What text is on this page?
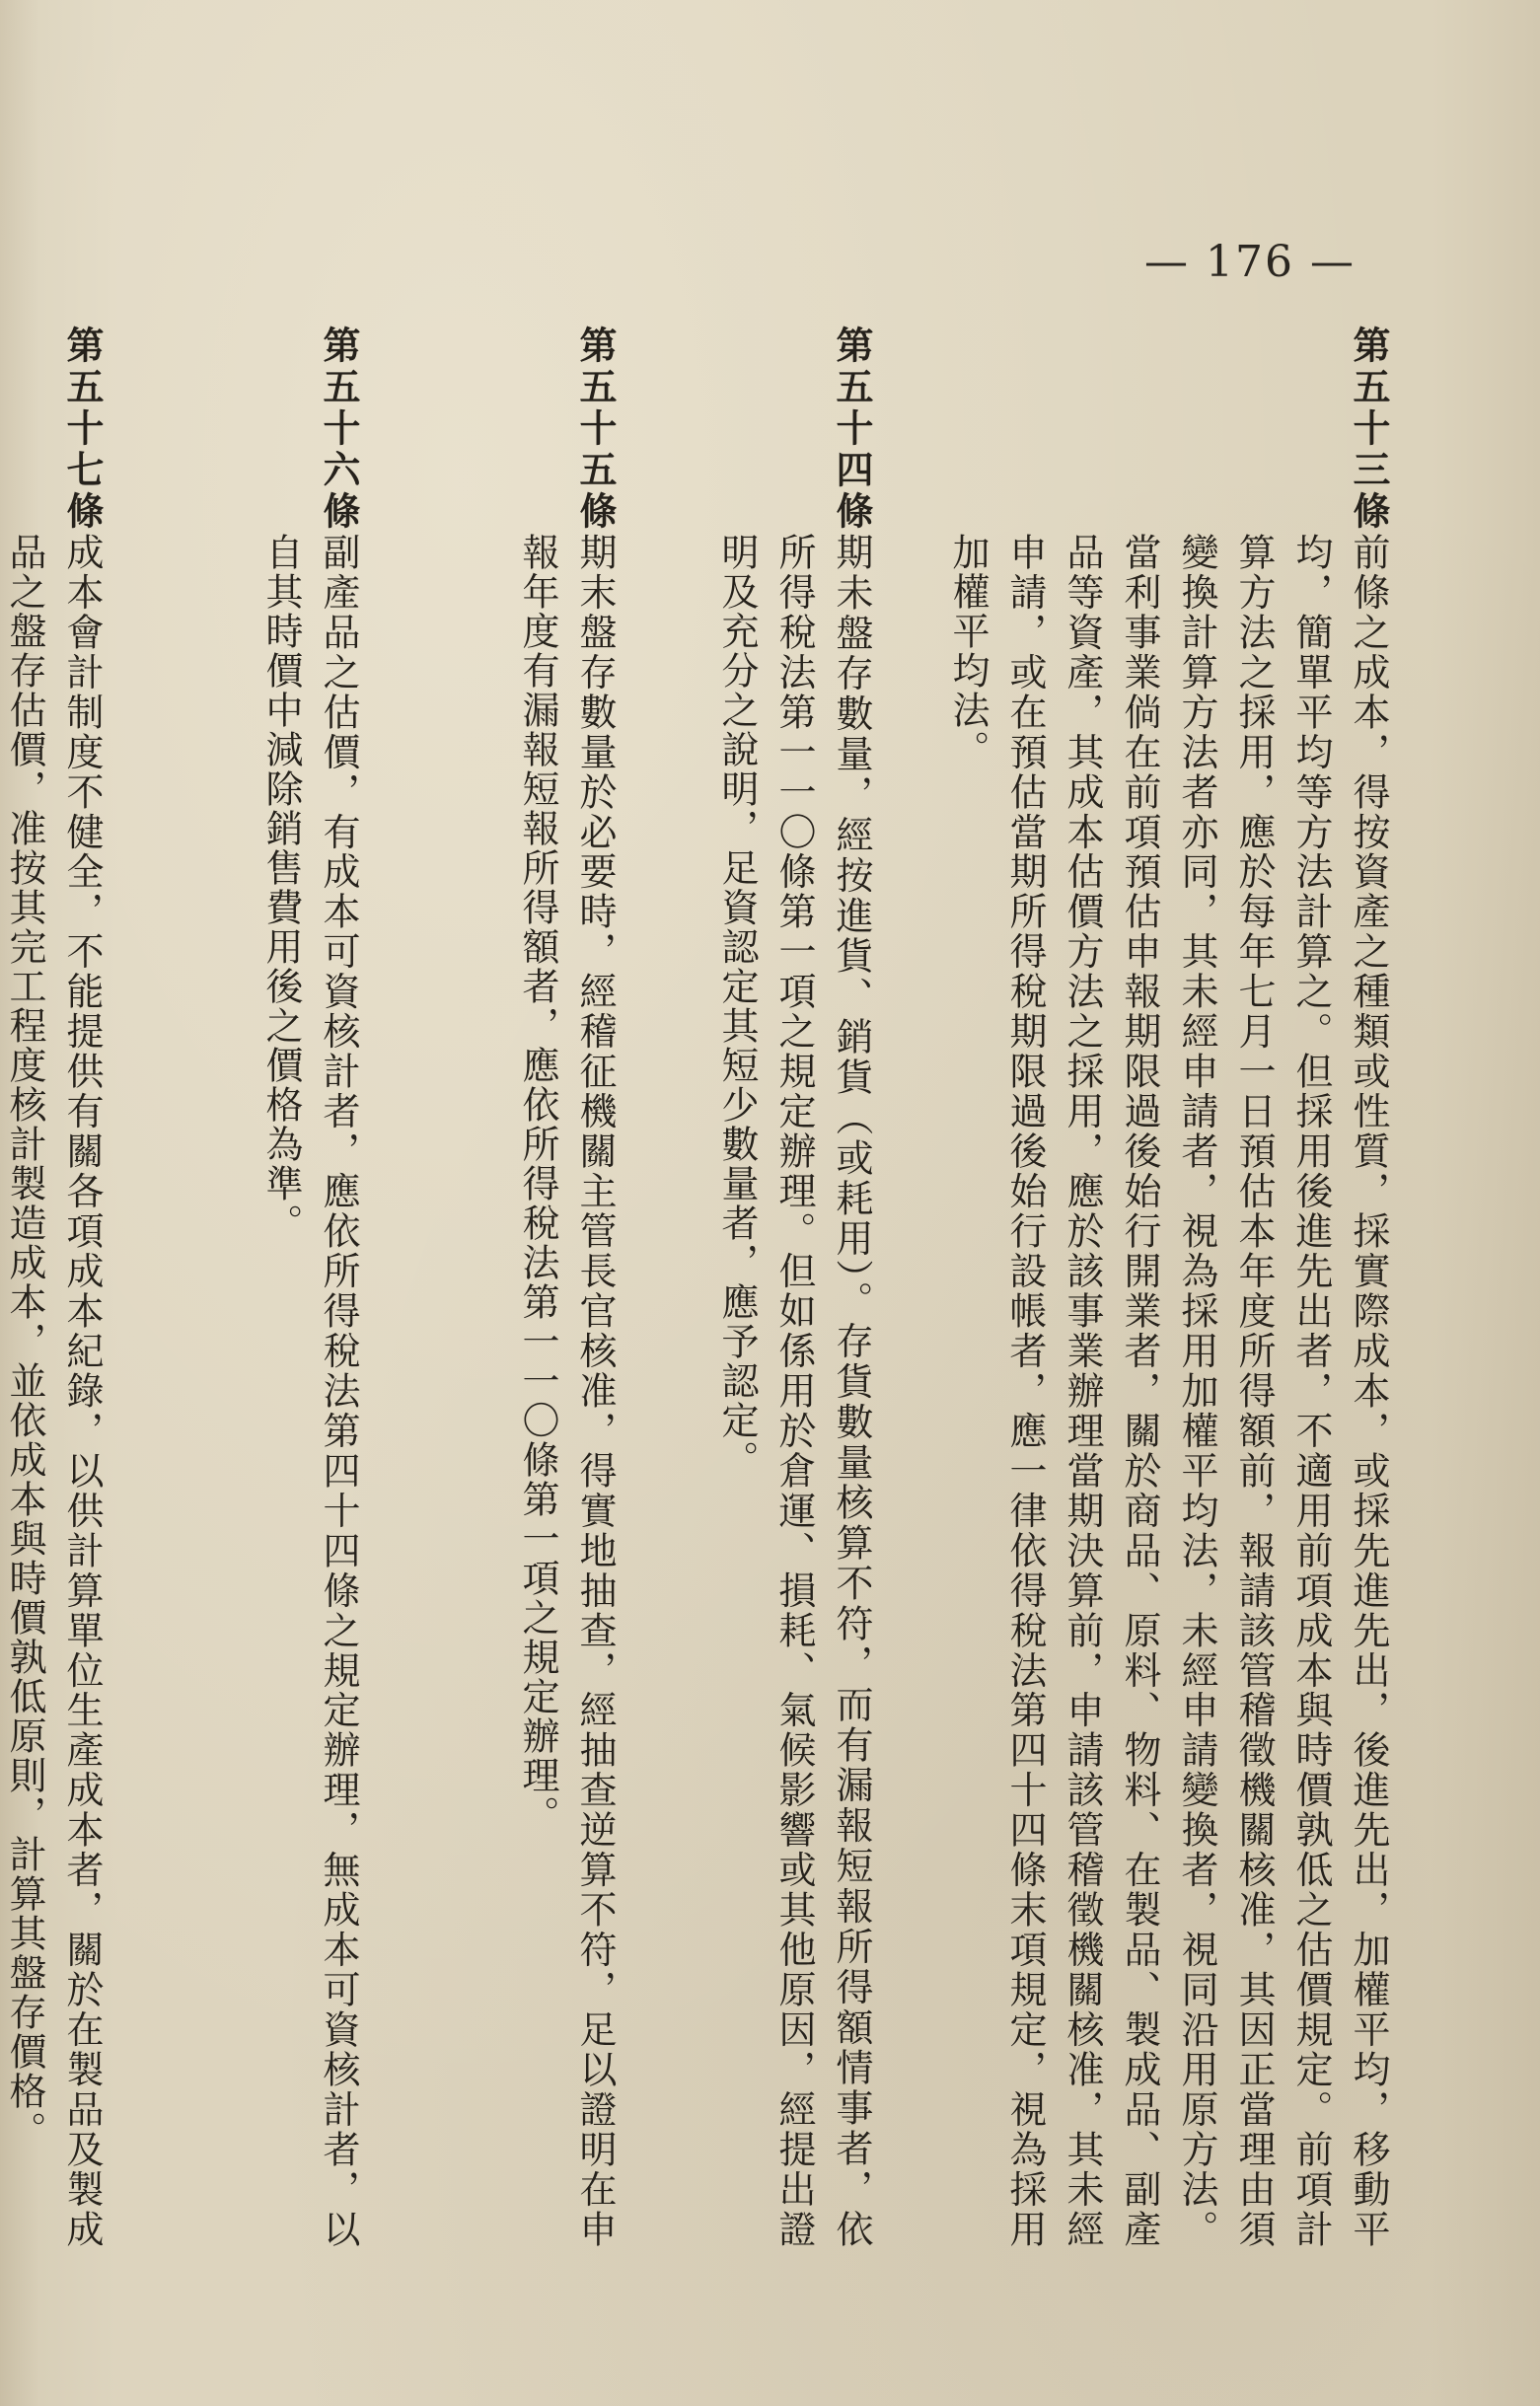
— 176 —
第五十三條
前條之成本，得按資產之種類或性質，採實際成本，或採先進先出，後進先出，加權平均，移動平均，簡單平均等方法計算之。但採用後進先出者，不適用前項成本與時價孰低之估價規定。前項計算方法之採用，應於每年七月一日預估本年度所得額前，報請該管稽徵機關核准，其因正當理由須變換計算方法者亦同，其未經申請者，視為採用加權平均法，未經申請變換者，視同沿用原方法。當利事業倘在前項預估申報期限過後始行開業者，關於商品、原料、物料、在製品、製成品、副產品等資產，其成本估價方法之採用，應於該事業辦理當期決算前，申請該管稽徵機關核准，其未經申請，或在預估當期所得稅期限過後始行設帳者，應一律依得稅法第四十四條末項規定，視為採用加權平均法。
第五十四條
期未盤存數量，經按進貨、銷貨（或耗用）。存貨數量核算不符，而有漏報短報所得額情事者，依所得稅法第一一〇條第一項之規定辦理。但如係用於倉運、損耗、氣候影響或其他原因，經提出證明及充分之說明，足資認定其短少數量者，應予認定。
第五十五條
期末盤存數量於必要時，經稽征機關主管長官核准，得實地抽查，經抽查逆算不符，足以證明在申報年度有漏報短報所得額者，應依所得稅法第一一〇條第一項之規定辦理。
第五十六條
副產品之估價，有成本可資核計者，應依所得稅法第四十四條之規定辦理，無成本可資核計者，以自其時價中減除銷售費用後之價格為準。
第五十七條
成本會計制度不健全，不能提供有關各項成本紀錄，以供計算單位生產成本者，關於在製品及製成品之盤存估價，准按其完工程度核計製造成本，並依成本與時價孰低原則，計算其盤存價格。
